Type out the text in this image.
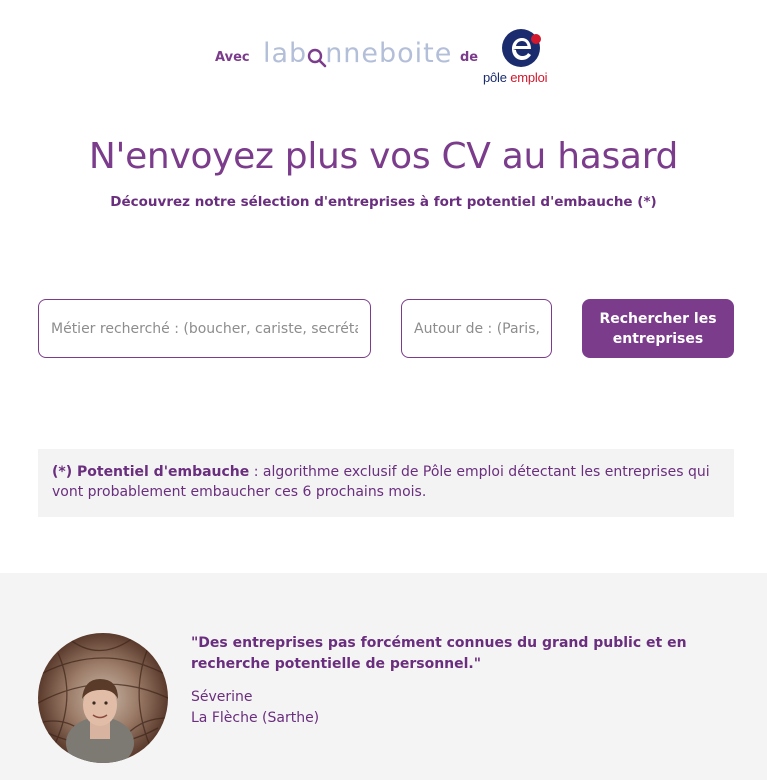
Avec lab nneboite de
pôle emploi
N'envoyez plus vos CV au hasard
Découvrez notre sélection d'entreprises à fort potentiel d'embauche (*)
Métier recherché : (boucher, cariste, secrétaire...)
Autour de : (Paris, Lyon...)
Rechercher les entreprises
(*) Potentiel d'embauche : algorithme exclusif de Pôle emploi détectant les entreprises qui vont probablement embaucher ces 6 prochains mois.
"Des entreprises pas forcément connues du grand public et en recherche potentielle de personnel."
Séverine
La Flèche (Sarthe)
